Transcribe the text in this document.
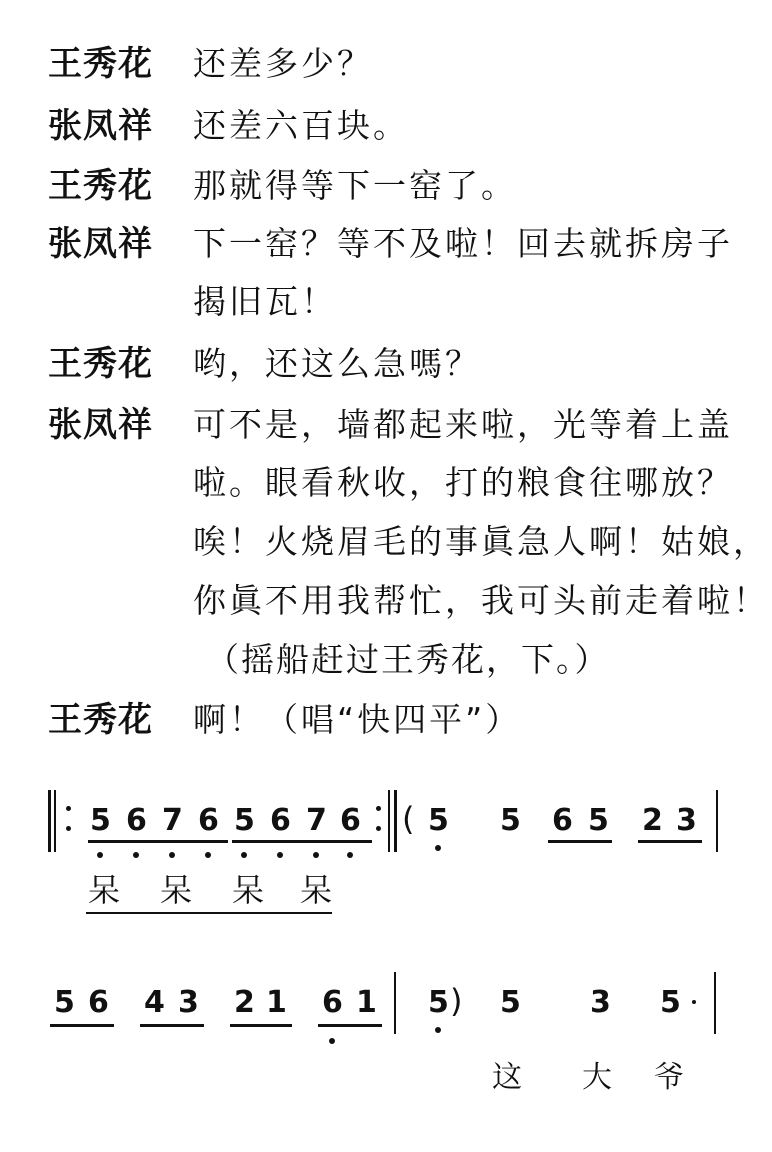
王秀花	还差多少？
张凤祥	还差六百块。
王秀花	那就得等下一窑了。
张凤祥	下一窑？等不及啦！回去就拆房子
揭旧瓦！
王秀花	哟，还这么急嗎？
张凤祥	可不是，墙都起来啦，光等着上盖
啦。眼看秋收，打的粮食往哪放？
唉！火烧眉毛的事眞急人啊！姑娘，
你眞不用我帮忙，我可头前走着啦！
（摇船赶过王秀花，下。）
王秀花	啊！（唱“快四平”）
5 6 7 6 5 6 7 6 ( 5 5 6 5 2 3
呆 呆 呆 呆
5 6 4 3 2 1 6 1 5 ) 5 3 5
这 大 爷
